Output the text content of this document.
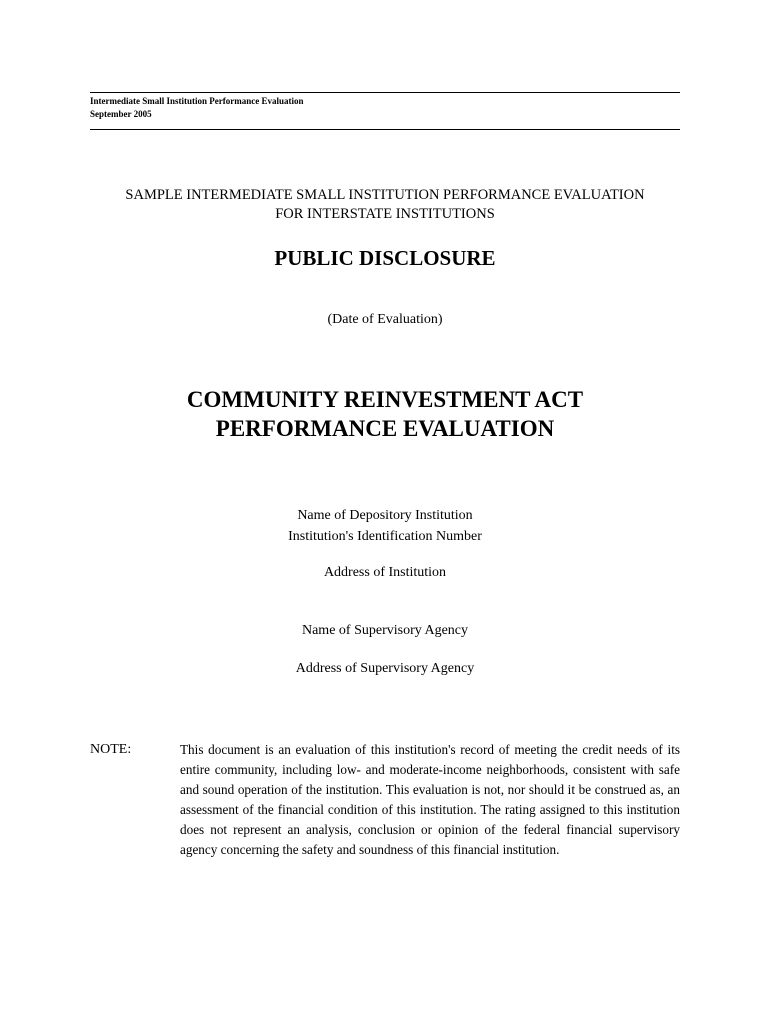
Intermediate Small Institution Performance Evaluation
September 2005
SAMPLE INTERMEDIATE SMALL INSTITUTION PERFORMANCE EVALUATION
FOR INTERSTATE INSTITUTIONS
PUBLIC DISCLOSURE
(Date of Evaluation)
COMMUNITY REINVESTMENT ACT
PERFORMANCE EVALUATION
Name of Depository Institution
Institution's Identification Number
Address of Institution
Name of Supervisory Agency
Address of Supervisory Agency
NOTE:	This document is an evaluation of this institution's record of meeting the credit needs of its entire community, including low- and moderate-income neighborhoods, consistent with safe and sound operation of the institution. This evaluation is not, nor should it be construed as, an assessment of the financial condition of this institution. The rating assigned to this institution does not represent an analysis, conclusion or opinion of the federal financial supervisory agency concerning the safety and soundness of this financial institution.
